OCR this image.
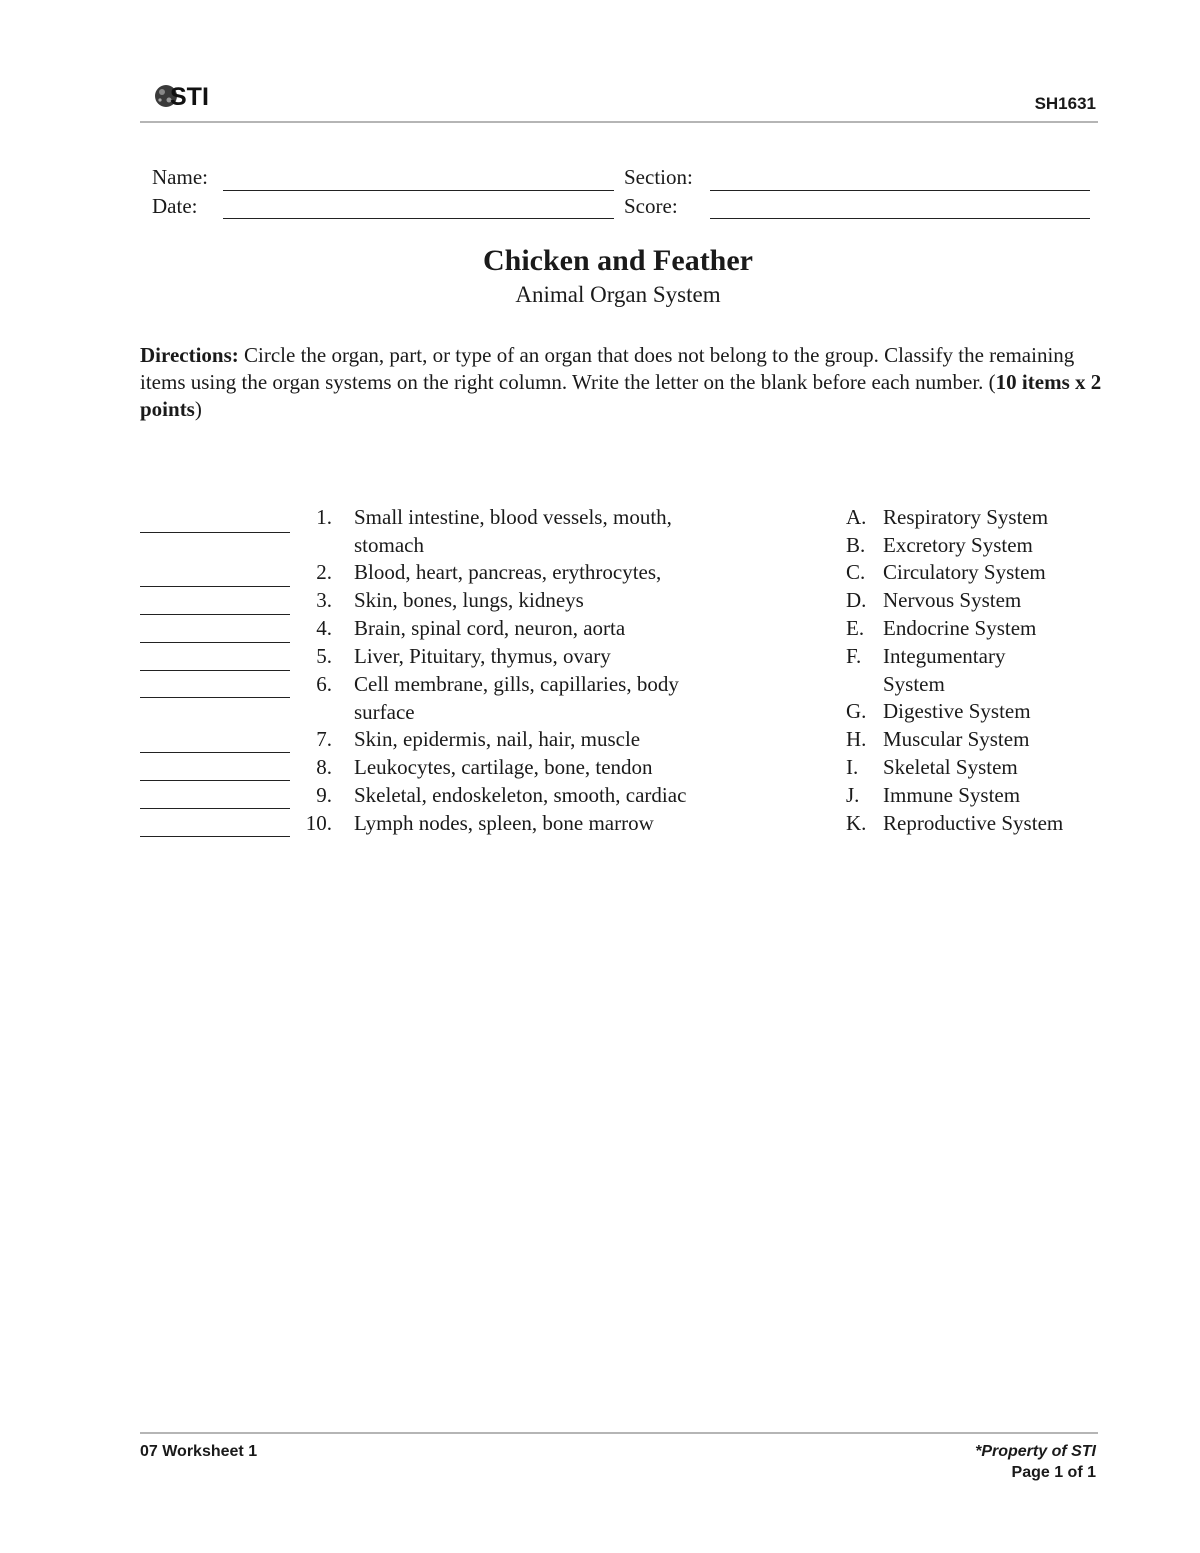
STI	SH1631
Name:	Section:
Date:	Score:
Chicken and Feather
Animal Organ System
Directions: Circle the organ, part, or type of an organ that does not belong to the group. Classify the remaining items using the organ systems on the right column. Write the letter on the blank before each number. (10 items x 2 points)
1. Small intestine, blood vessels, mouth, stomach
2. Blood, heart, pancreas, erythrocytes,
3. Skin, bones, lungs, kidneys
4. Brain, spinal cord, neuron, aorta
5. Liver, Pituitary, thymus, ovary
6. Cell membrane, gills, capillaries, body surface
7. Skin, epidermis, nail, hair, muscle
8. Leukocytes, cartilage, bone, tendon
9. Skeletal, endoskeleton, smooth, cardiac
10. Lymph nodes, spleen, bone marrow
A. Respiratory System
B. Excretory System
C. Circulatory System
D. Nervous System
E. Endocrine System
F. Integumentary System
G. Digestive System
H. Muscular System
I. Skeletal System
J. Immune System
K. Reproductive System
07 Worksheet 1	*Property of STI
Page 1 of 1
